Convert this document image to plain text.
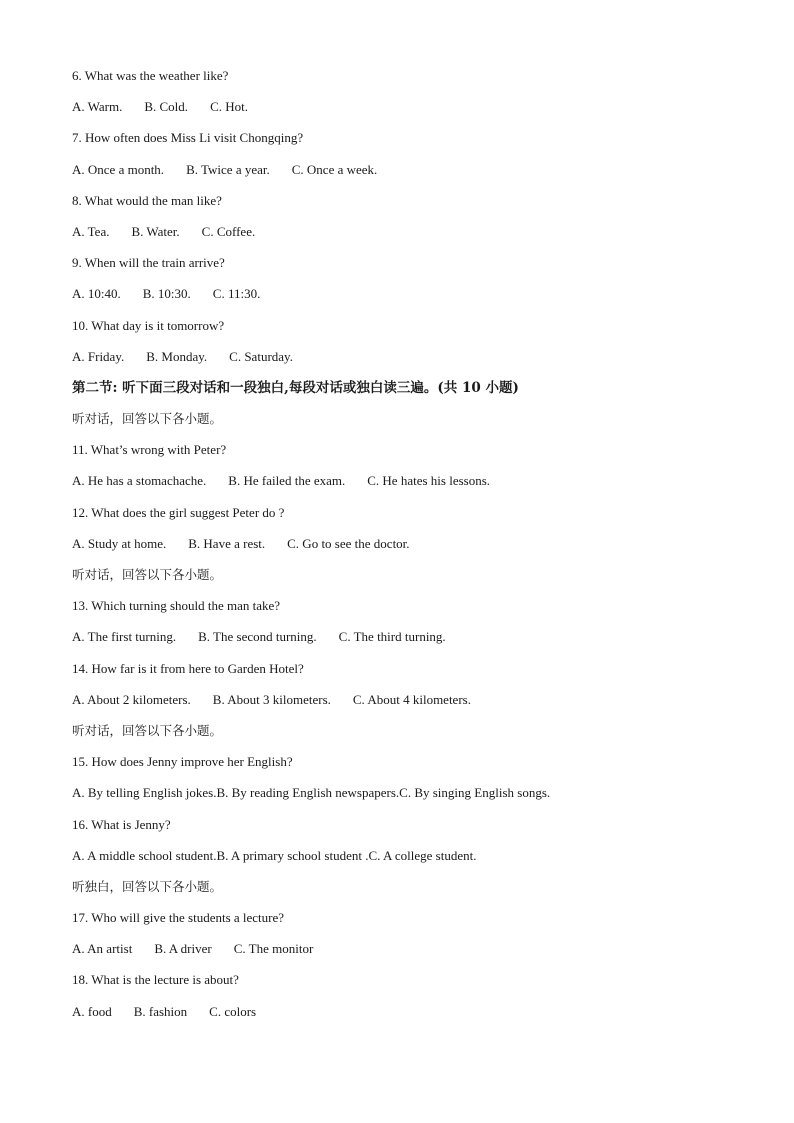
6. What was the weather like?
A. Warm. B. Cold. C. Hot.
7. How often does Miss Li visit Chongqing?
A. Once a month. B. Twice a year. C. Once a week.
8. What would the man like?
A. Tea. B. Water. C. Coffee.
9. When will the train arrive?
A. 10:40. B. 10:30. C. 11:30.
10. What day is it tomorrow?
A. Friday. B. Monday. C. Saturday.
第二节: 听下面三段对话和一段独白,每段对话或独白读三遍。(共 10 小题)
听对话，回答以下各小题。
11. What’s wrong with Peter?
A. He has a stomachache. B. He failed the exam. C. He hates his lessons.
12. What does the girl suggest Peter do ?
A. Study at home. B. Have a rest. C. Go to see the doctor.
听对话，回答以下各小题。
13. Which turning should the man take?
A. The first turning. B. The second turning. C. The third turning.
14. How far is it from here to Garden Hotel?
A. About 2 kilometers. B. About 3 kilometers. C. About 4 kilometers.
听对话，回答以下各小题。
15. How does Jenny improve her English?
A. By telling English jokes.B. By reading English newspapers.C. By singing English songs.
16. What is Jenny?
A. A middle school student.B. A primary school student .C. A college student.
听独白，回答以下各小题。
17. Who will give the students a lecture?
A. An artist B. A driver C. The monitor
18. What is the lecture is about?
A. food B. fashion C. colors
